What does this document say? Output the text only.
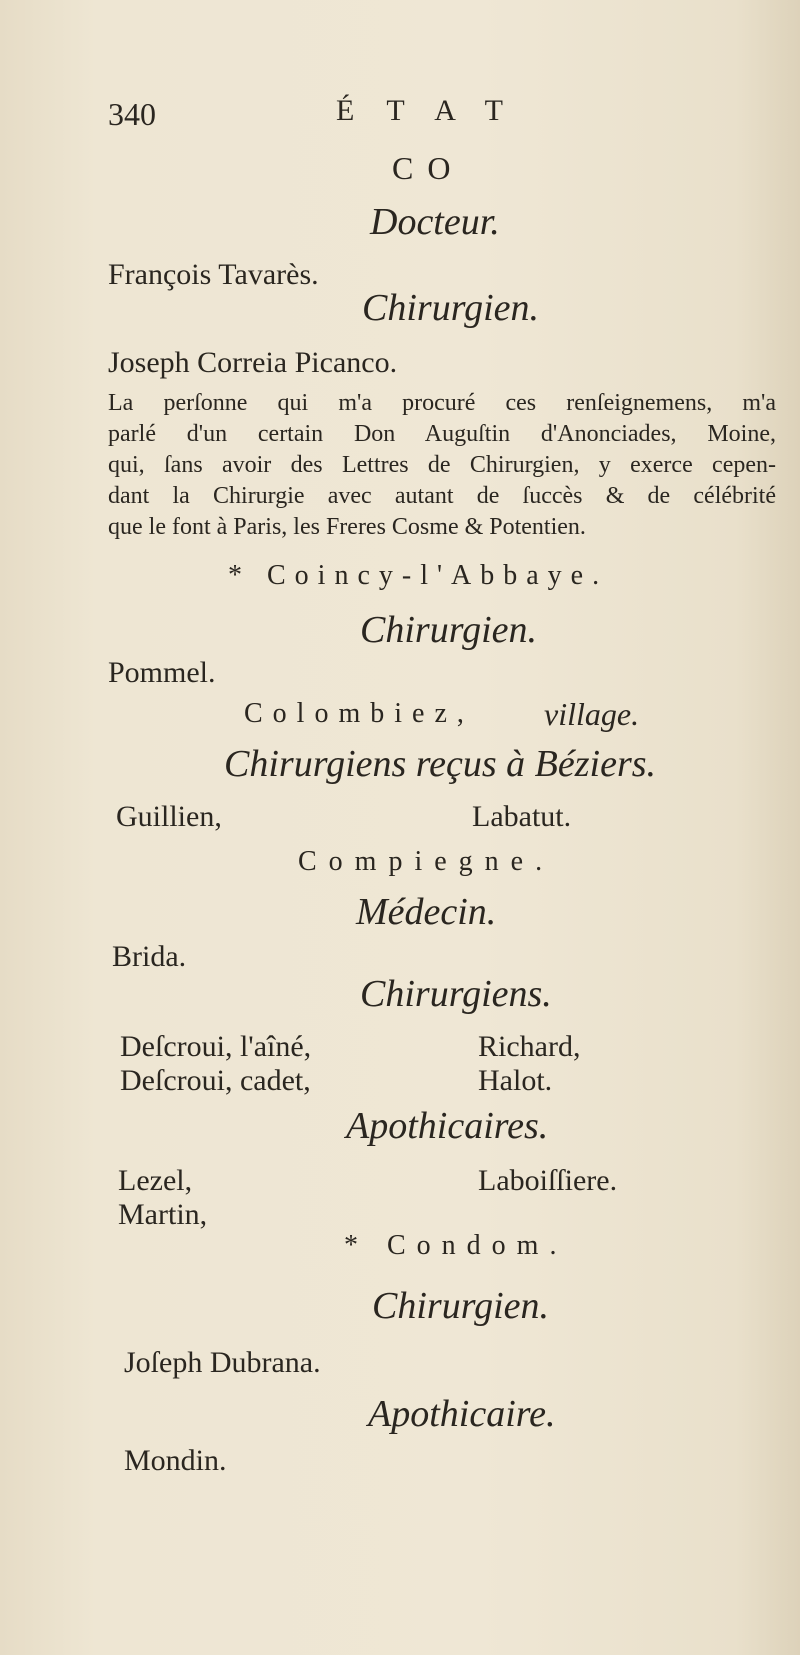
340	ÉTAT
CO
Docteur.
François Tavarès.
Chirurgien.
Joseph Correia Picanco.
La perſonne qui m'a procuré ces renſeignemens, m'a
parlé d'un certain Don Auguſtin d'Anonciades, Moine,
qui, ſans avoir des Lettres de Chirurgien, y exerce cepen-
dant la Chirurgie avec autant de ſuccès & de célébrité
que le font à Paris, les Freres Cosme & Potentien.
* Coincy-l'Abbaye.
Chirurgien.
Pommel.
Colombiez, village.
Chirurgiens reçus à Béziers.
Guillien,	Labatut.
Compiegne.
Médecin.
Brida.
Chirurgiens.
Deſcroui, l'aîné,
Deſcroui, cadet,
Richard,
Halot.
Apothicaires.
Lezel,
Martin,
Laboiſſiere.
* Condom.
Chirurgien.
Joſeph Dubrana.
Apothicaire.
Mondin.
